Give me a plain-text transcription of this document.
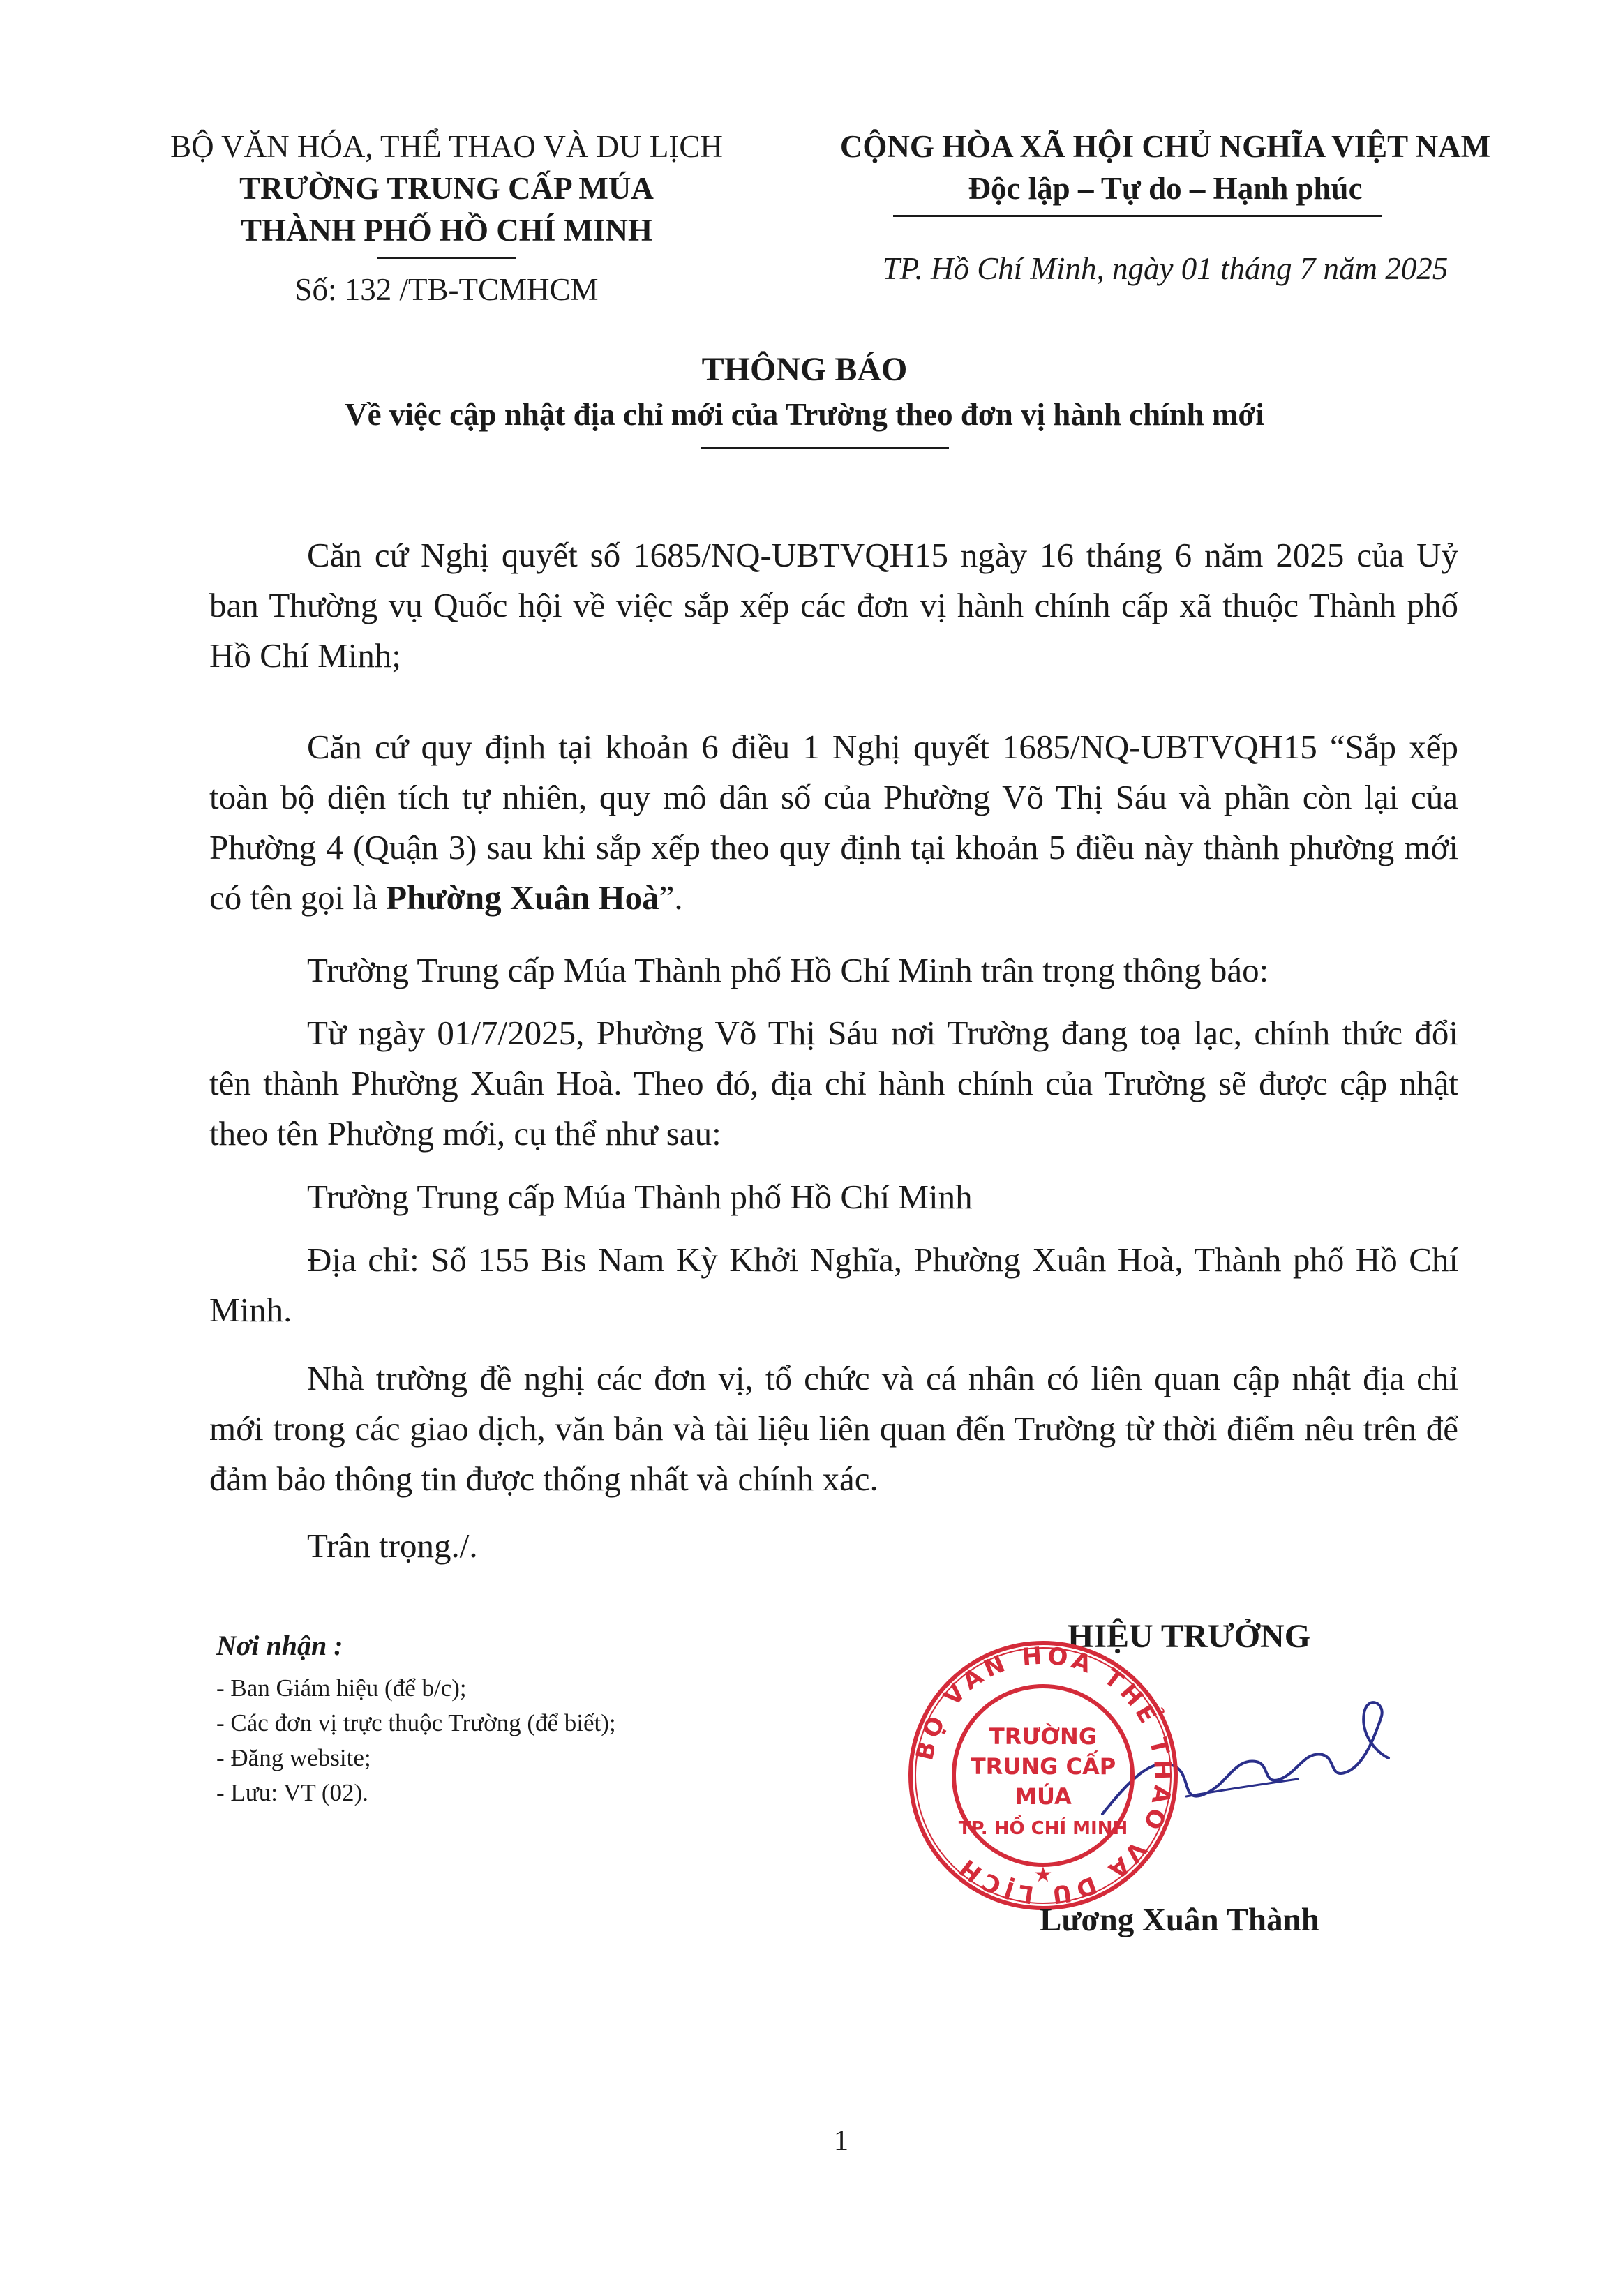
BỘ VĂN HÓA, THỂ THAO VÀ DU LỊCH
TRƯỜNG TRUNG CẤP MÚA
THÀNH PHỐ HỒ CHÍ MINH
Số: 132 /TB-TCMHCM
CỘNG HÒA XÃ HỘI CHỦ NGHĨA VIỆT NAM
Độc lập – Tự do – Hạnh phúc
TP. Hồ Chí Minh, ngày 01 tháng 7 năm 2025
THÔNG BÁO
Về việc cập nhật địa chỉ mới của Trường theo đơn vị hành chính mới

Căn cứ Nghị quyết số 1685/NQ-UBTVQH15 ngày 16 tháng 6 năm 2025 của Uỷ ban Thường vụ Quốc hội về việc sắp xếp các đơn vị hành chính cấp xã thuộc Thành phố Hồ Chí Minh;

Căn cứ quy định tại khoản 6 điều 1 Nghị quyết 1685/NQ-UBTVQH15 “Sắp xếp toàn bộ diện tích tự nhiên, quy mô dân số của Phường Võ Thị Sáu và phần còn lại của Phường 4 (Quận 3) sau khi sắp xếp theo quy định tại khoản 5 điều này thành phường mới có tên gọi là Phường Xuân Hoà”.

Trường Trung cấp Múa Thành phố Hồ Chí Minh trân trọng thông báo:

Từ ngày 01/7/2025, Phường Võ Thị Sáu nơi Trường đang toạ lạc, chính thức đổi tên thành Phường Xuân Hoà. Theo đó, địa chỉ hành chính của Trường sẽ được cập nhật theo tên Phường mới, cụ thể như sau:

Trường Trung cấp Múa Thành phố Hồ Chí Minh

Địa chỉ: Số 155 Bis Nam Kỳ Khởi Nghĩa, Phường Xuân Hoà, Thành phố Hồ Chí Minh.

Nhà trường đề nghị các đơn vị, tổ chức và cá nhân có liên quan cập nhật địa chỉ mới trong các giao dịch, văn bản và tài liệu liên quan đến Trường từ thời điểm nêu trên để đảm bảo thông tin được thống nhất và chính xác.

Trân trọng./.

Nơi nhận :
- Ban Giám hiệu (để b/c);
- Các đơn vị trực thuộc Trường (để biết);
- Đăng website;
- Lưu: VT (02).
HIỆU TRƯỞNG
BỘ VĂN HÓA THỂ THAO VÀ DU LỊCH
TRƯỜNG
TRUNG CẤP
MÚA
TP. HỒ CHÍ MINH
★
Lương Xuân Thành
1
